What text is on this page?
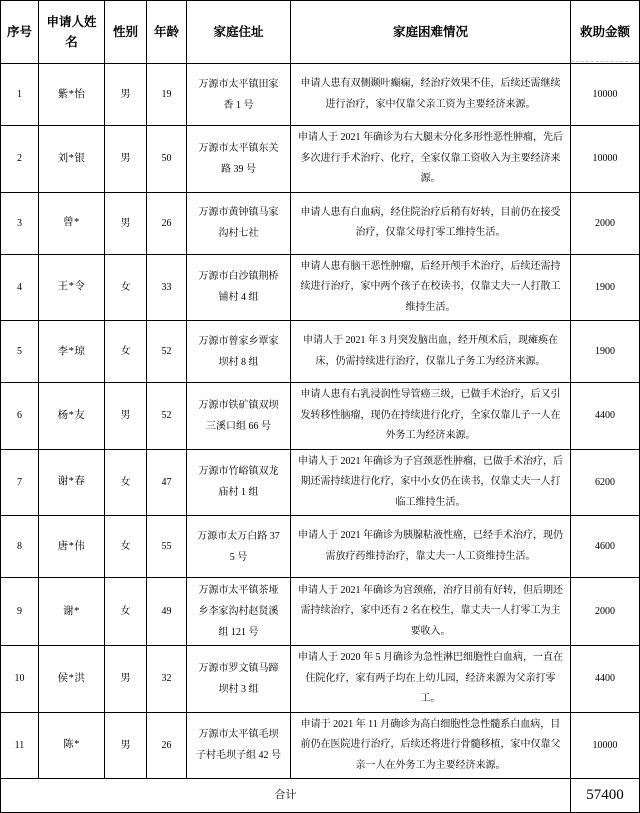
序号	申请人姓名	性别	年龄	家庭住址	家庭困难情况	救助金额
1	紫*怡	男	19	万源市太平镇田家香 1 号	申请人患有双侧颞叶癫痫，经治疗效果不佳，后续还需继续进行治疗，家中仅靠父亲工资为主要经济来源。	10000
2	刘*银	男	50	万源市太平镇东关路 39 号	申请人于 2021 年确诊为右大腿未分化多形性恶性肿瘤，先后多次进行手术治疗、化疗，全家仅靠工资收入为主要经济来源。	10000
3	曾*	男	26	万源市黄钟镇马家沟村七社	申请人患有白血病，经住院治疗后稍有好转，目前仍在接受治疗，仅靠父母打零工维持生活。	2000
4	王*令	女	33	万源市白沙镇荆桥铺村 4 组	申请人患有脑干恶性肿瘤，后经开颅手术治疗，后续还需持续进行治疗，家中两个孩子在校读书，仅靠丈夫一人打散工维持生活。	1900
5	李*琼	女	52	万源市曾家乡覃家坝村 8 组	申请人于 2021 年 3 月突发脑出血，经开颅术后，现瘫痪在床，仍需持续进行治疗，仅靠儿子务工为经济来源。	1900
6	杨*友	男	52	万源市铁矿镇双坝三溪口组 66 号	申请人患有右乳浸润性导管癌三级，已做手术治疗，后又引发转移性脑瘤，现仍在持续进行化疗，全家仅靠儿子一人在外务工为经济来源。	4400
7	谢*春	女	47	万源市竹峪镇双龙庙村 1 组	申请人于 2021 年确诊为子宫颈恶性肿瘤，已做手术治疗，后期还需持续进行化疗，家中小女仍在读书，仅靠丈夫一人打临工维持生活。	6200
8	唐*伟	女	55	万源市太万白路 375 号	申请人于 2021 年确诊为胰腺粘液性癌，已经手术治疗，现仍需放疗药维持治疗，靠丈夫一人工资维持生活。	4600
9	谢*	女	49	万源市太平镇茶垭乡李家沟村赵贤溪组 121 号	申请人于 2021 年确诊为宫颈癌，治疗目前有好转，但后期还需持续治疗，家中还有 2 名在校生，靠丈夫一人打零工为主要收入。	2000
10	侯*洪	男	32	万源市罗文镇马蹄坝村 3 组	申请人于 2020 年 5 月确诊为急性淋巴细胞性白血病，一直在住院化疗，家有两子均在上幼儿园，经济来源为父亲打零工。	4400
11	陈*	男	26	万源市太平镇毛坝子村毛坝子组 42 号	申请于 2021 年 11 月确诊为高白细胞性急性髓系白血病，目前仍在医院进行治疗，后续还将进行骨髓移植，家中仅靠父亲一人在外务工为主要经济来源。	10000
合计						57400
